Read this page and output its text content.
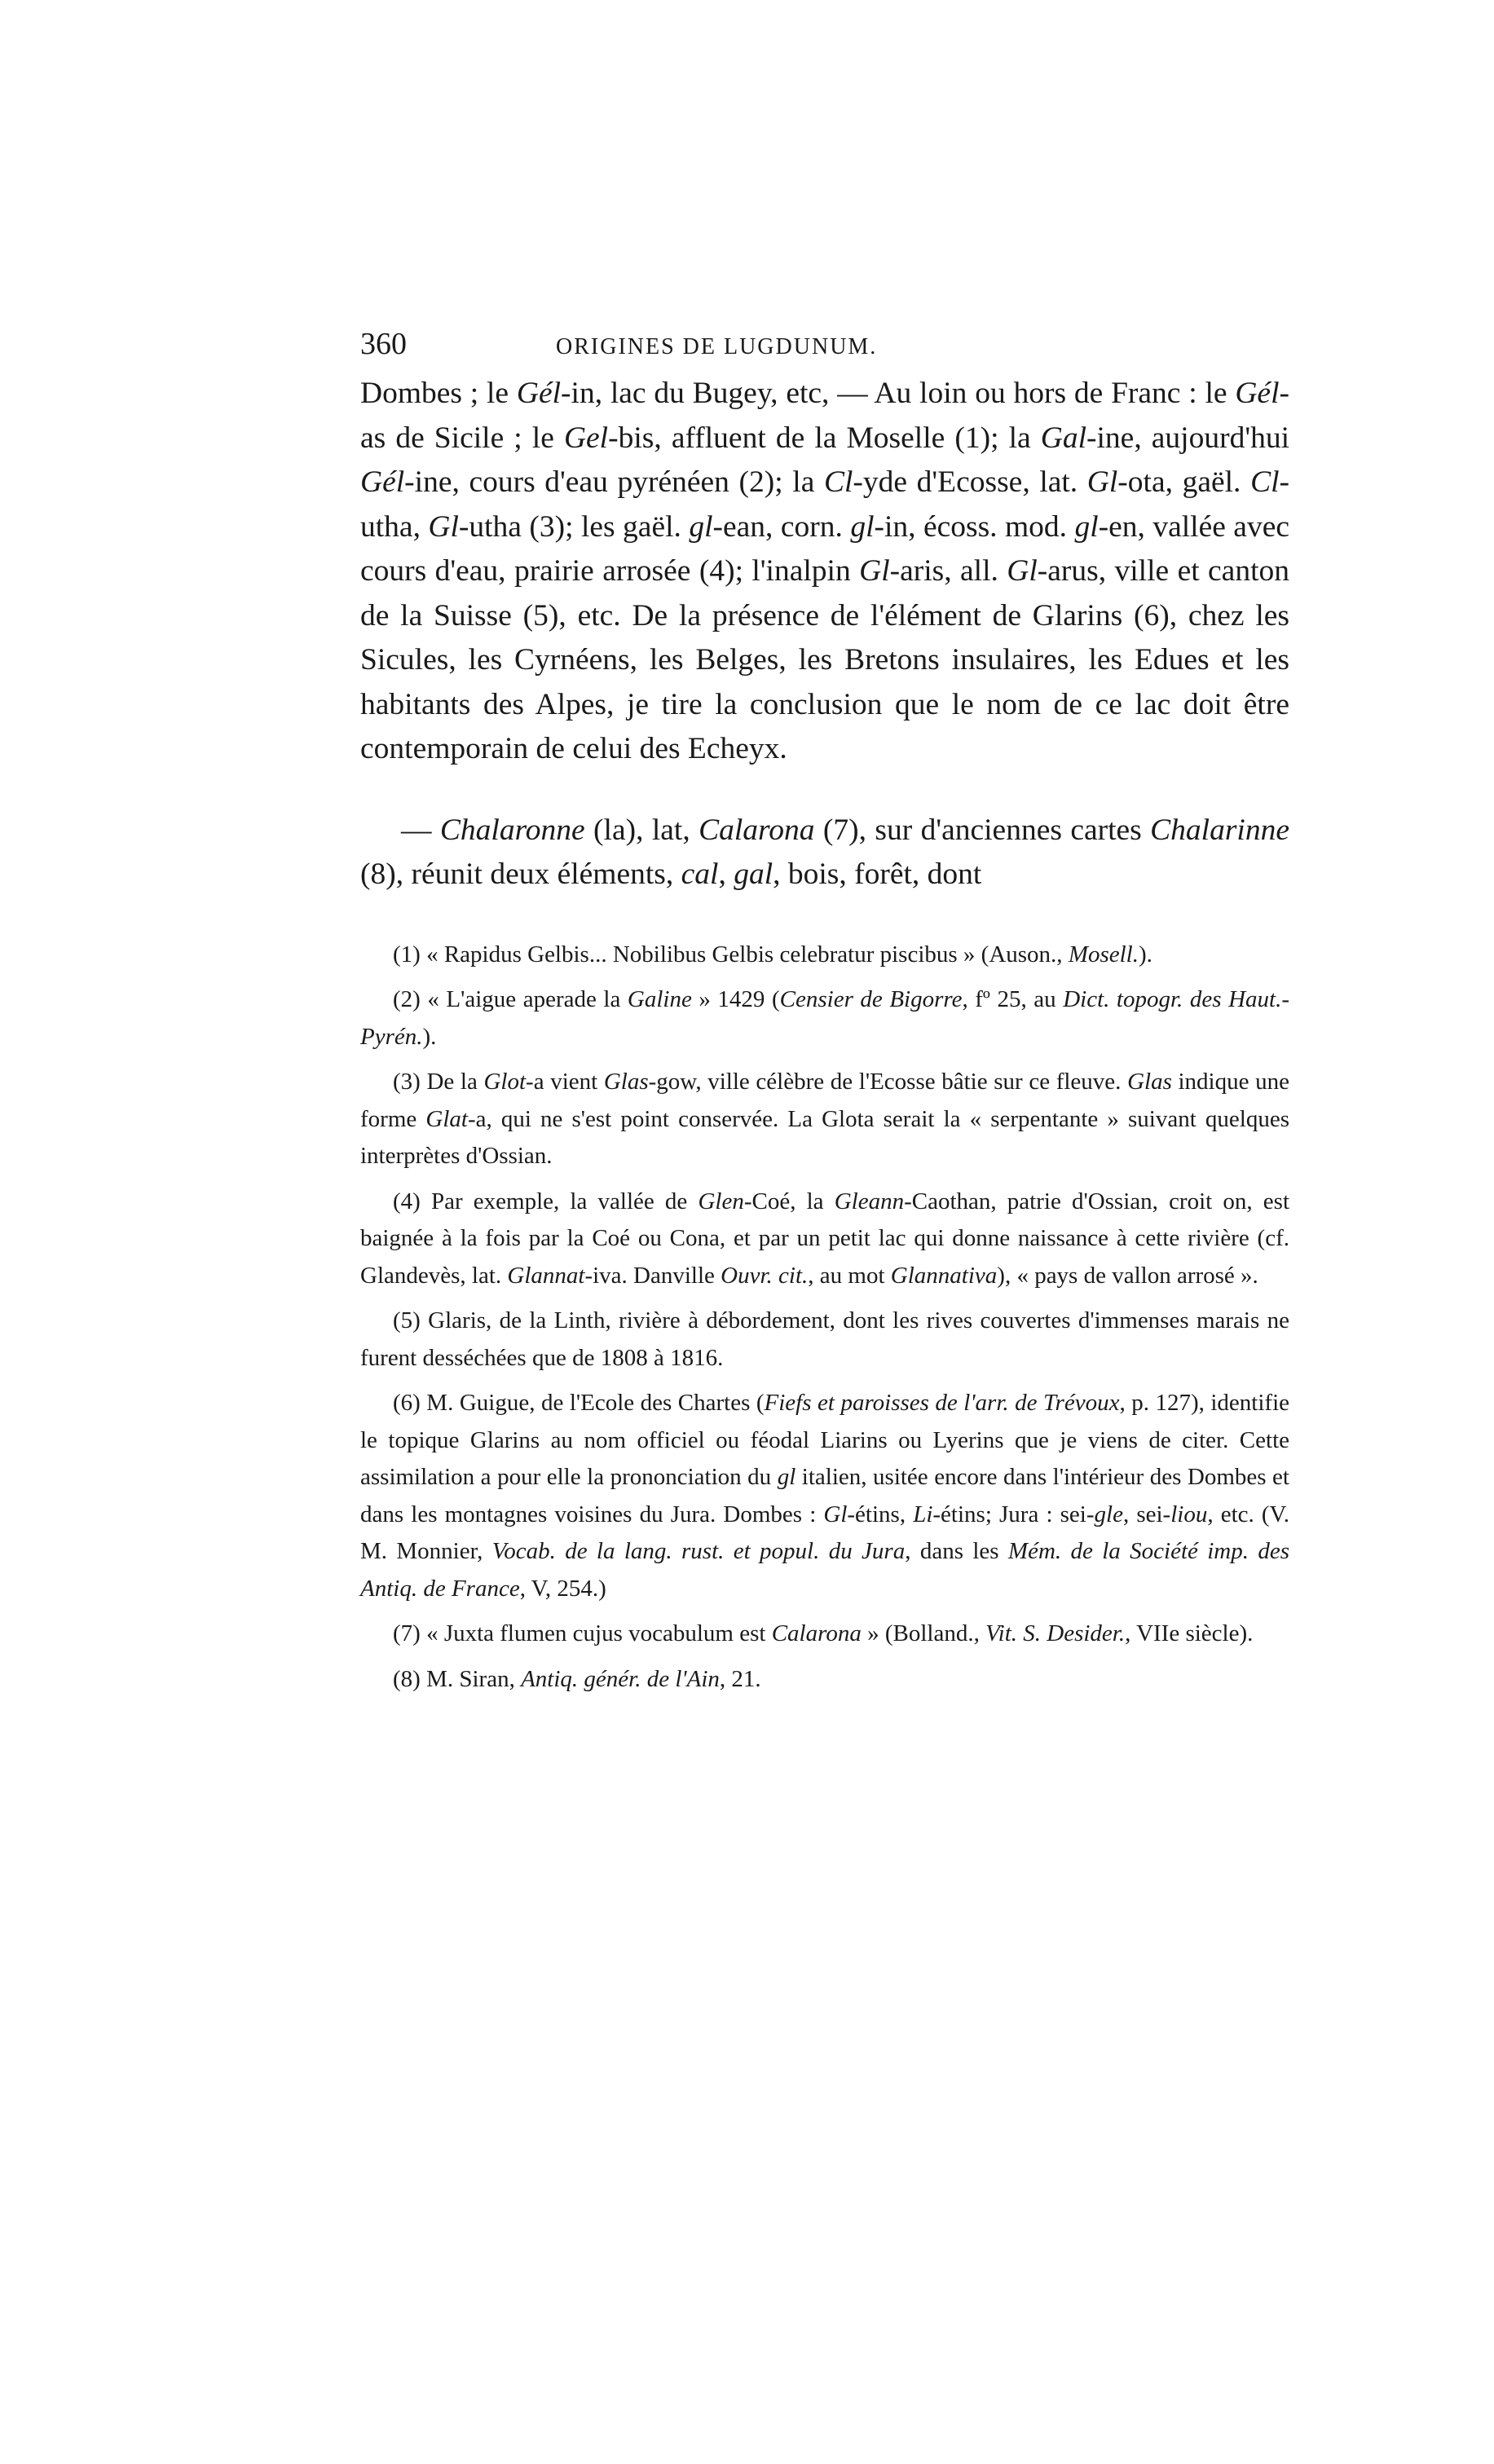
360	ORIGINES DE LUGDUNUM.

Dombes ; le Gél-in, lac du Bugey, etc, — Au loin ou hors de Franc : le Gél-as de Sicile ; le Gel-bis, affluent de la Moselle (1); la Gal-ine, aujourd'hui Gél-ine, cours d'eau pyrénéen (2); la Cl-yde d'Ecosse, lat. Gl-ota, gaël. Cl-utha, Gl-utha (3); les gaël. gl-ean, corn. gl-in, écoss. mod. gl-en, vallée avec cours d'eau, prairie arrosée (4); l'inalpin Gl-aris, all. Gl-arus, ville et canton de la Suisse (5), etc. De la présence de l'élément de Glarins (6), chez les Sicules, les Cyrnéens, les Belges, les Bretons insulaires, les Edues et les habitants des Alpes, je tire la conclusion que le nom de ce lac doit être contemporain de celui des Echeyx.

— Chalaronne (la), lat, Calarona (7), sur d'anciennes cartes Chalarinne (8), réunit deux éléments, cal, gal, bois, forêt, dont

(1) « Rapidus Gelbis... Nobilibus Gelbis celebratur piscibus » (Auson., Mosell.).

(2) « L'aigue aperade la Galine » 1429 (Censier de Bigorre, fº 25, au Dict. topogr. des Haut.-Pyrén.).

(3) De la Glot-a vient Glas-gow, ville célèbre de l'Ecosse bâtie sur ce fleuve. Glas indique une forme Glat-a, qui ne s'est point conservée. La Glota serait la « serpentante » suivant quelques interprètes d'Ossian.

(4) Par exemple, la vallée de Glen-Coé, la Gleann-Caothan, patrie d'Ossian, croit on, est baignée à la fois par la Coé ou Cona, et par un petit lac qui donne naissance à cette rivière (cf. Glandevès, lat. Glannat-iva. Danville Ouvr. cit., au mot Glannativa), « pays de vallon arrosé ».

(5) Glaris, de la Linth, rivière à débordement, dont les rives couvertes d'immenses marais ne furent desséchées que de 1808 à 1816.

(6) M. Guigue, de l'Ecole des Chartes (Fiefs et paroisses de l'arr. de Trévoux, p. 127), identifie le topique Glarins au nom officiel ou féodal Liarins ou Lyerins que je viens de citer. Cette assimilation a pour elle la prononciation du gl italien, usitée encore dans l'intérieur des Dombes et dans les montagnes voisines du Jura. Dombes : Gl-étins, Li-étins; Jura : sei-gle, sei-liou, etc. (V. M. Monnier, Vocab. de la lang. rust. et popul. du Jura, dans les Mém. de la Société imp. des Antiq. de France, V, 254.)

(7) « Juxta flumen cujus vocabulum est Calarona » (Bolland., Vit. S. Desider., VIIe siècle).

(8) M. Siran, Antiq. génér. de l'Ain, 21.
